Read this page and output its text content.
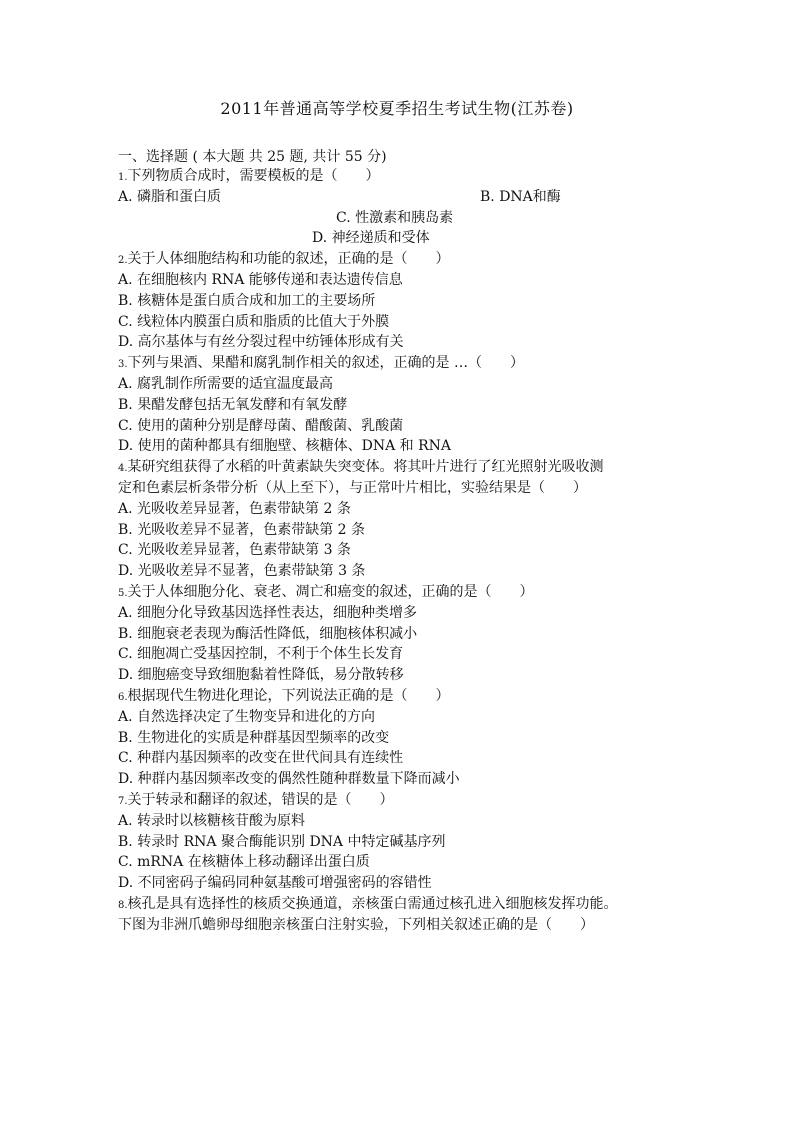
2011年普通高等学校夏季招生考试生物(江苏卷)
一、选择题 ( 本大题 共 25 题, 共计 55 分)
1.下列物质合成时，需要模板的是（　　）
A. 磷脂和蛋白质	B. DNA和酶
C. 性激素和胰岛素
D. 神经递质和受体
2.关于人体细胞结构和功能的叙述，正确的是（　　）
A. 在细胞核内 RNA 能够传递和表达遗传信息
B. 核糖体是蛋白质合成和加工的主要场所
C. 线粒体内膜蛋白质和脂质的比值大于外膜
D. 高尔基体与有丝分裂过程中纺锤体形成有关
3.下列与果酒、果醋和腐乳制作相关的叙述，正确的是 …（　　）
A. 腐乳制作所需要的适宜温度最高
B. 果醋发酵包括无氧发酵和有氧发酵
C. 使用的菌种分别是酵母菌、醋酸菌、乳酸菌
D. 使用的菌种都具有细胞壁、核糖体、DNA 和 RNA
4.某研究组获得了水稻的叶黄素缺失突变体。将其叶片进行了红光照射光吸收测
定和色素层析条带分析（从上至下），与正常叶片相比，实验结果是（　　）
A. 光吸收差异显著，色素带缺第 2 条
B. 光吸收差异不显著，色素带缺第 2 条
C. 光吸收差异显著，色素带缺第 3 条
D. 光吸收差异不显著，色素带缺第 3 条
5.关于人体细胞分化、衰老、凋亡和癌变的叙述，正确的是（　　）
A. 细胞分化导致基因选择性表达，细胞种类增多
B. 细胞衰老表现为酶活性降低，细胞核体积减小
C. 细胞凋亡受基因控制，不利于个体生长发育
D. 细胞癌变导致细胞黏着性降低，易分散转移
6.根据现代生物进化理论，下列说法正确的是（　　）
A. 自然选择决定了生物变异和进化的方向
B. 生物进化的实质是种群基因型频率的改变
C. 种群内基因频率的改变在世代间具有连续性
D. 种群内基因频率改变的偶然性随种群数量下降而减小
7.关于转录和翻译的叙述，错误的是（　　）
A. 转录时以核糖核苷酸为原料
B. 转录时 RNA 聚合酶能识别 DNA 中特定碱基序列
C. mRNA 在核糖体上移动翻译出蛋白质
D. 不同密码子编码同种氨基酸可增强密码的容错性
8.核孔是具有选择性的核质交换通道，亲核蛋白需通过核孔进入细胞核发挥功能。
下图为非洲爪蟾卵母细胞亲核蛋白注射实验，下列相关叙述正确的是（　　）
